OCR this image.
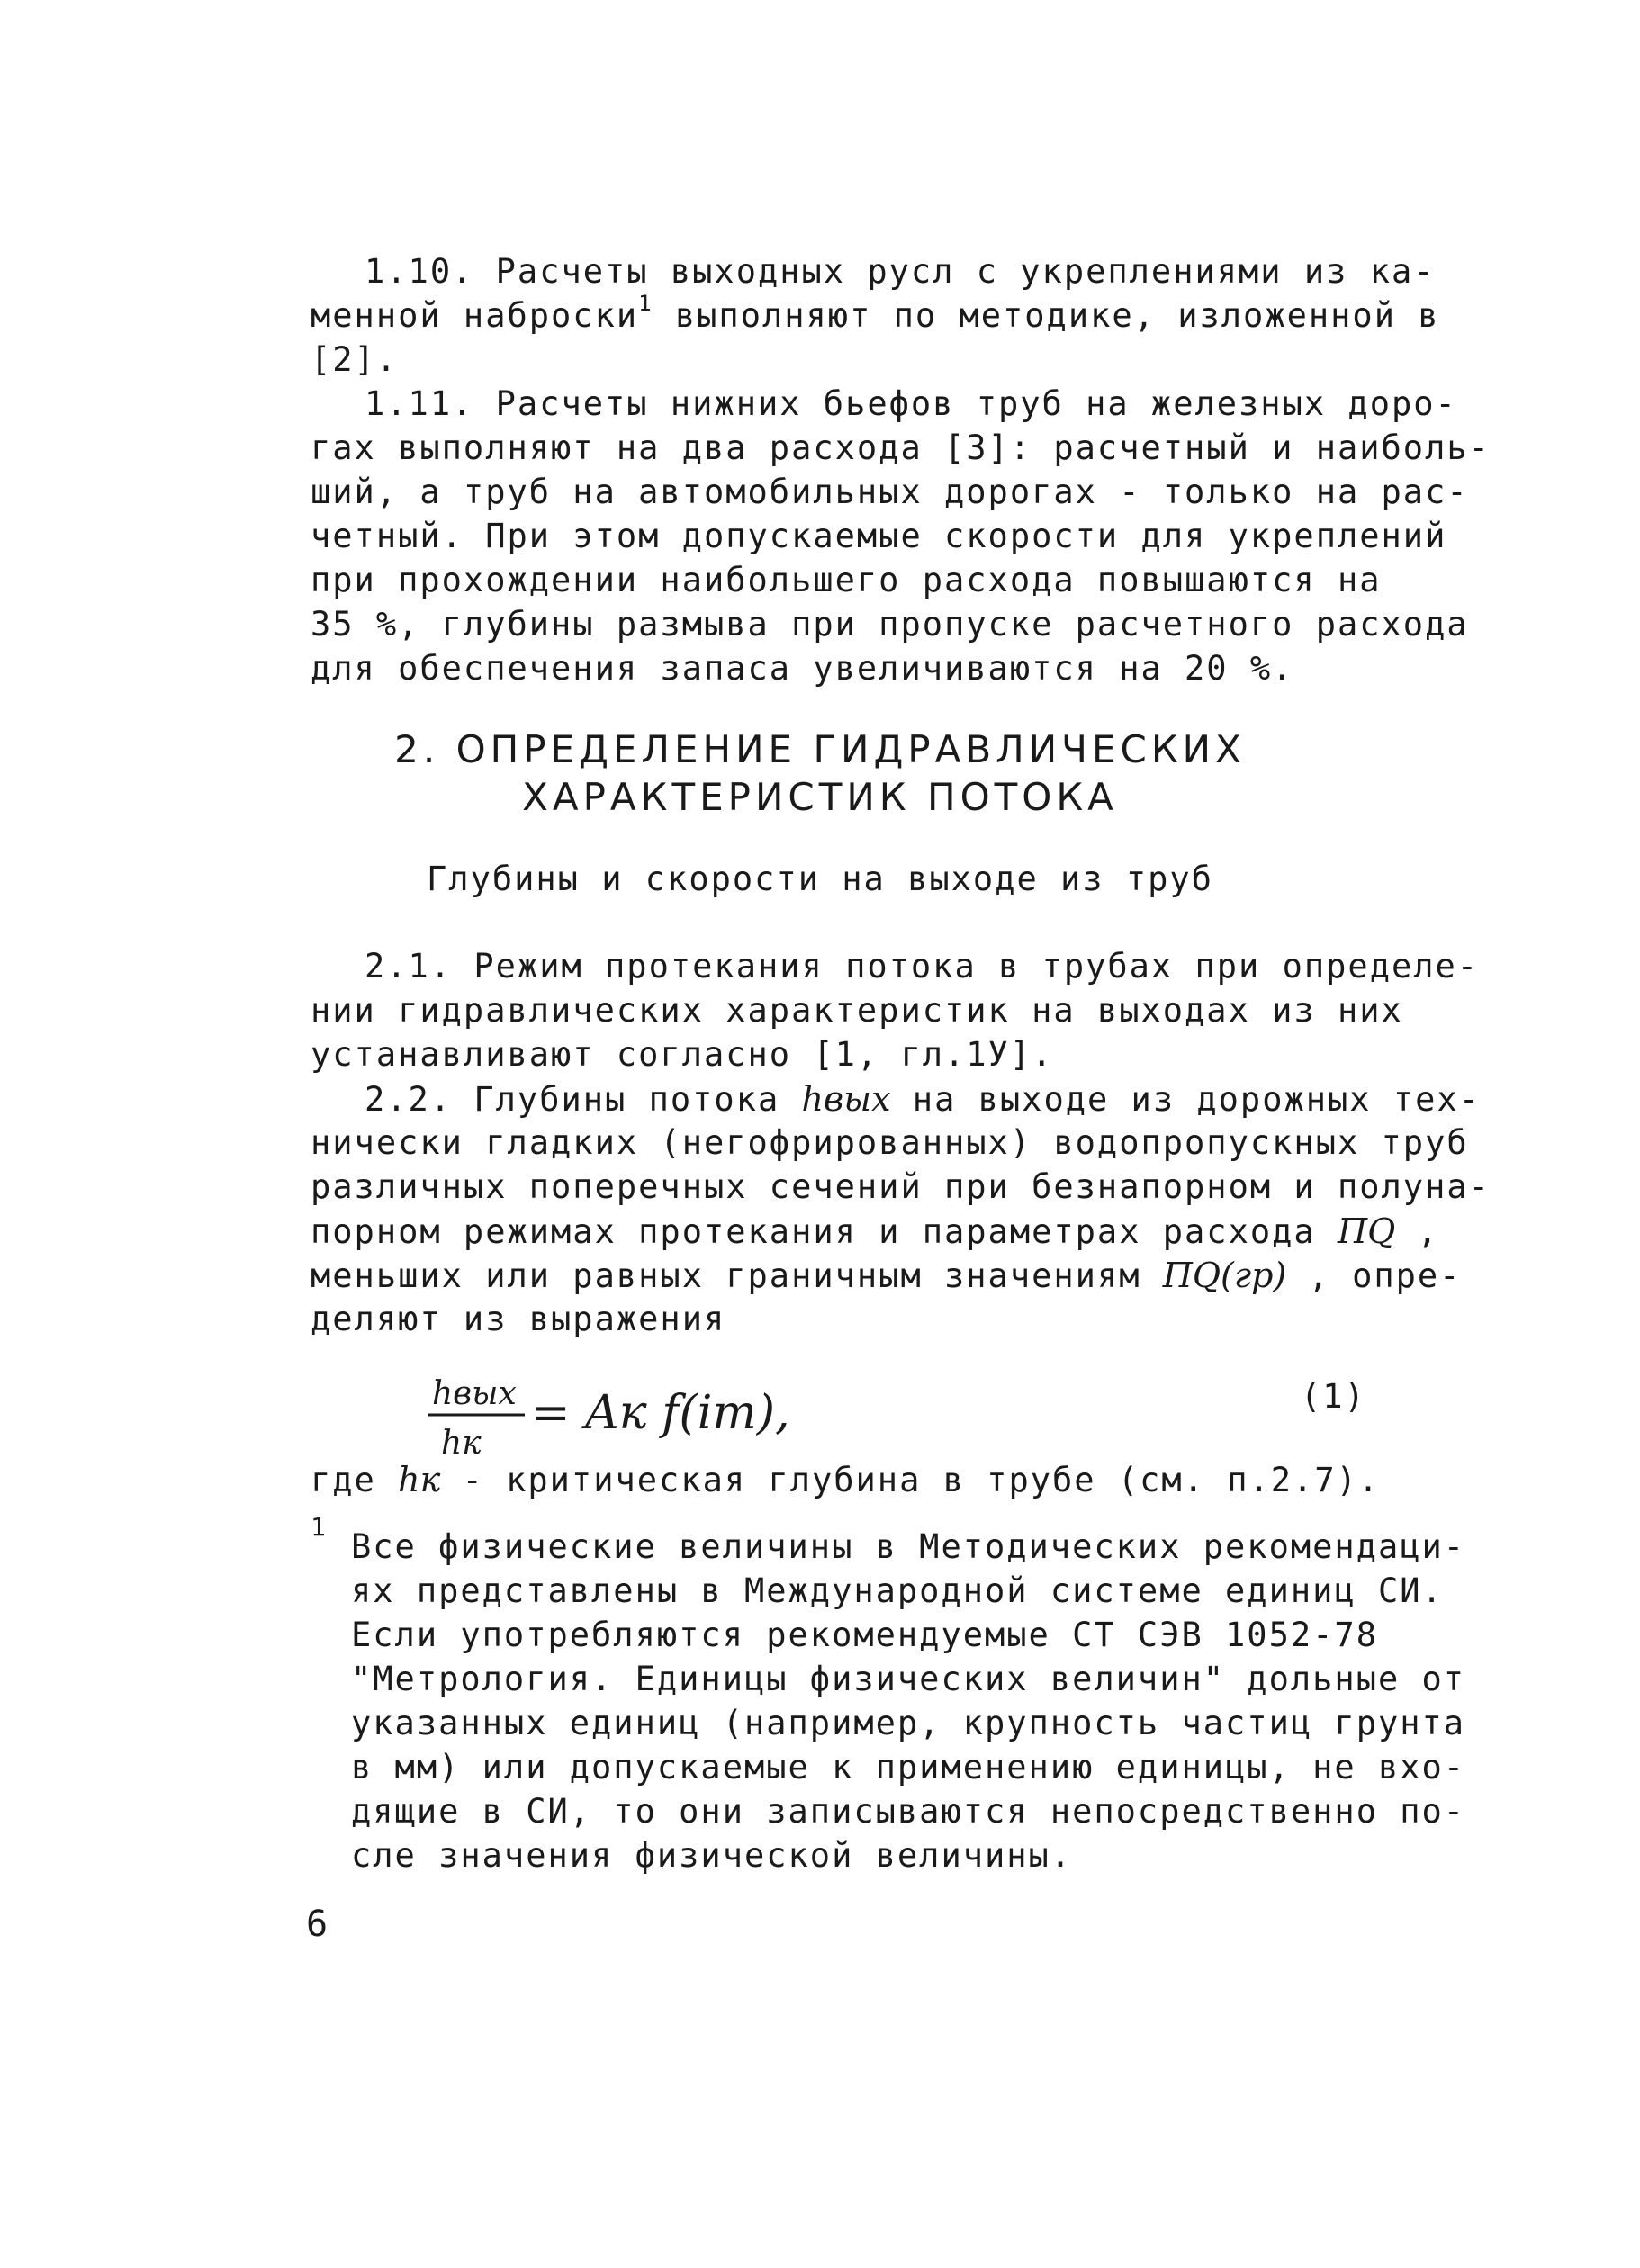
1.10. Расчеты выходных русл с укреплениями из ка-
менной наброски$^1$ выполняют по методике, изложенной в
[2].
1.11. Расчеты нижних бьефов труб на железных доро-
гах выполняют на два расхода [3]: расчетный и наиболь-
ший, а труб на автомобильных дорогах - только на рас-
четный. При этом допускаемые скорости для укреплений
при прохождении наибольшего расхода повышаются на
35 %, глубины размыва при пропуске расчетного расхода
для обеспечения запаса увеличиваются на 20 %.
2. ОПРЕДЕЛЕНИЕ ГИДРАВЛИЧЕСКИХ
ХАРАКТЕРИСТИК ПОТОКА
Глубины и скорости на выходе из труб
2.1. Режим протекания потока в трубах при определе-
нии гидравлических характеристик на выходах из них
устанавливают согласно [1, гл.1У].
2.2. Глубины потока hвых на выходе из дорожных тех-
нически гладких (негофрированных) водопропускных труб
различных поперечных сечений при безнапорном и полуна-
порном режимах протекания и параметрах расхода ПQ ,
меньших или равных граничным значениям ПQ(гр) , опре-
деляют из выражения
hвых
hк
= Aк f(iт),	(1)
где hк - критическая глубина в трубе (см. п.2.7).
1
Все физические величины в Методических рекомендаци-
ях представлены в Международной системе единиц СИ.
Если употребляются рекомендуемые СТ СЭВ 1052-78
"Метрология. Единицы физических величин" дольные от
указанных единиц (например, крупность частиц грунта
в мм) или допускаемые к применению единицы, не вхо-
дящие в СИ, то они записываются непосредственно по-
сле значения физической величины.
6
